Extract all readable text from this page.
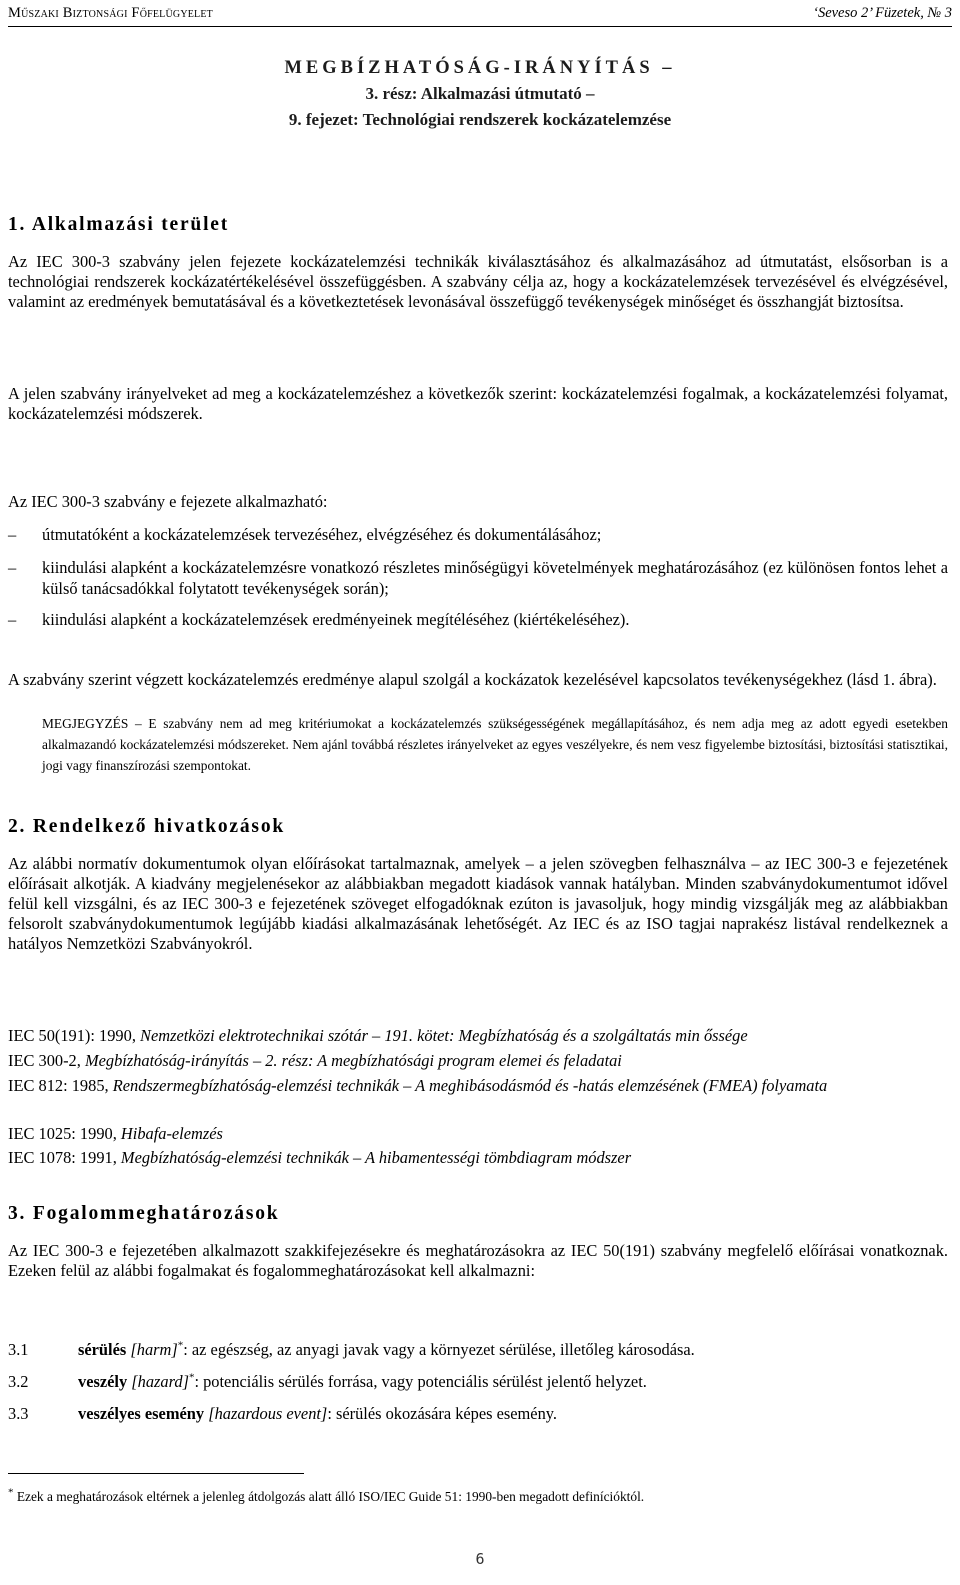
Műszaki Biztonsági Főfelügyelet	‘Seveso 2’ Füzetek, № 3
MEGBÍZHATÓSÁG-IRÁNYÍTÁS –
3. rész: Alkalmazási útmutató –
9. fejezet: Technológiai rendszerek kockázatelemzése
1. Alkalmazási terület

Az IEC 300-3 szabvány jelen fejezete kockázatelemzési technikák kiválasztásához és alkalmazásához ad útmutatást, elsősorban is a technológiai rendszerek kockázatértékelésével összefüggésben. A szabvány célja az, hogy a kockázatelemzések tervezésével és elvégzésével, valamint az eredmények bemutatásával és a következtetések levonásával összefüggő tevékenységek minőséget és összhangját biztosítsa.

A jelen szabvány irányelveket ad meg a kockázatelemzéshez a következők szerint: kockázatelemzési fogalmak, a kockázatelemzési folyamat, kockázatelemzési módszerek.

Az IEC 300-3 szabvány e fejezete alkalmazható:

– útmutatóként a kockázatelemzések tervezéséhez, elvégzéséhez és dokumentálásához;
– kiindulási alapként a kockázatelemzésre vonatkozó részletes minőségügyi követelmények meghatározásához (ez különösen fontos lehet a külső tanácsadókkal folytatott tevékenységek során);
– kiindulási alapként a kockázatelemzések eredményeinek megítéléséhez (kiértékeléséhez).

A szabvány szerint végzett kockázatelemzés eredménye alapul szolgál a kockázatok kezelésével kapcsolatos tevékenységekhez (lásd 1. ábra).

MEGJEGYZÉS – E szabvány nem ad meg kritériumokat a kockázatelemzés szükségességének megállapításához, és nem adja meg az adott egyedi esetekben alkalmazandó kockázatelemzési módszereket. Nem ajánl továbbá részletes irányelveket az egyes veszélyekre, és nem vesz figyelembe biztosítási, biztosítási statisztikai, jogi vagy finanszírozási szempontokat.

2. Rendelkező hivatkozások

Az alábbi normatív dokumentumok olyan előírásokat tartalmaznak, amelyek – a jelen szövegben felhasználva – az IEC 300-3 e fejezetének előírásait alkotják. A kiadvány megjelenésekor az alábbiakban megadott kiadások vannak hatályban. Minden szabványdokumentumot idővel felül kell vizsgálni, és az IEC 300-3 e fejezetének szöveget elfogadóknak ezúton is javasoljuk, hogy mindig vizsgálják meg az alábbiakban felsorolt szabványdokumentumok legújább kiadási alkalmazásának lehetőségét. Az IEC és az ISO tagjai naprakész listával rendelkeznek a hatályos Nemzetközi Szabványokról.

IEC 50(191): 1990, Nemzetközi elektrotechnikai szótár – 191. kötet: Megbízhatóság és a szolgáltatás min őssége
IEC 300-2, Megbízhatóság-irányítás – 2. rész: A megbízhatósági program elemei és feladatai
IEC 812: 1985, Rendszermegbízhatóság-elemzési technikák – A meghibásodásmód és -hatás elemzésének (FMEA) folyamata
IEC 1025: 1990, Hibafa-elemzés
IEC 1078: 1991, Megbízhatóság-elemzési technikák – A hibamentességi tömbdiagram módszer
3. Fogalommeghatározások

Az IEC 300-3 e fejezetében alkalmazott szakkifejezésekre és meghatározásokra az IEC 50(191) szabvány megfelelő előírásai vonatkoznak. Ezeken felül az alábbi fogalmakat és fogalommeghatározásokat kell alkalmazni:

3.1	sérülés [harm]*: az egészség, az anyagi javak vagy a környezet sérülése, illetőleg károsodása.
3.2	veszély [hazard]*: potenciális sérülés forrása, vagy potenciális sérülést jelentő helyzet.
3.3	veszélyes esemény [hazardous event]: sérülés okozására képes esemény.
* Ezek a meghatározások eltérnek a jelenleg átdolgozás alatt álló ISO/IEC Guide 51: 1990-ben megadott definícióktól.
6
